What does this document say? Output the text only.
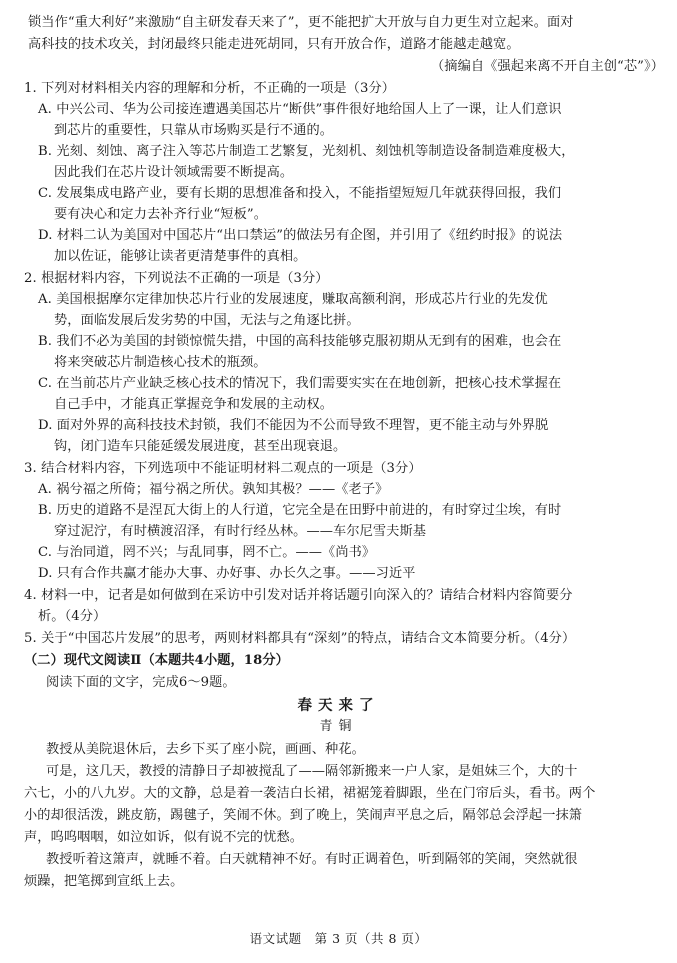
锁当作“重大利好”来激励“自主研发春天来了”，更不能把扩大开放与自力更生对立起来。面对
高科技的技术攻关，封闭最终只能走进死胡同，只有开放合作，道路才能越走越宽。
（摘编自《强起来离不开自主创“芯”》）
1. 下列对材料相关内容的理解和分析，不正确的一项是（3分）
A. 中兴公司、华为公司接连遭遇美国芯片“断供”事件很好地给国人上了一课，让人们意识
到芯片的重要性，只靠从市场购买是行不通的。
B. 光刻、刻蚀、离子注入等芯片制造工艺繁复，光刻机、刻蚀机等制造设备制造难度极大，
因此我们在芯片设计领域需要不断提高。
C. 发展集成电路产业，要有长期的思想准备和投入，不能指望短短几年就获得回报，我们
要有决心和定力去补齐行业“短板”。
D. 材料二认为美国对中国芯片“出口禁运”的做法另有企图，并引用了《纽约时报》的说法
加以佐证，能够让读者更清楚事件的真相。
2. 根据材料内容，下列说法不正确的一项是（3分）
A. 美国根据摩尔定律加快芯片行业的发展速度，赚取高额利润，形成芯片行业的先发优
势，面临发展后发劣势的中国，无法与之角逐比拼。
B. 我们不必为美国的封锁惊慌失措，中国的高科技能够克服初期从无到有的困难，也会在
将来突破芯片制造核心技术的瓶颈。
C. 在当前芯片产业缺乏核心技术的情况下，我们需要实实在在地创新，把核心技术掌握在
自己手中，才能真正掌握竞争和发展的主动权。
D. 面对外界的高科技技术封锁，我们不能因为不公而导致不理智，更不能主动与外界脱
钩，闭门造车只能延缓发展进度，甚至出现衰退。
3. 结合材料内容，下列选项中不能证明材料二观点的一项是（3分）
A. 祸兮福之所倚；福兮祸之所伏。孰知其极？——《老子》
B. 历史的道路不是涅瓦大街上的人行道，它完全是在田野中前进的，有时穿过尘埃，有时
穿过泥泞，有时横渡沼泽，有时行经丛林。——车尔尼雪夫斯基
C. 与治同道，罔不兴；与乱同事，罔不亡。——《尚书》
D. 只有合作共赢才能办大事、办好事、办长久之事。——习近平
4. 材料一中，记者是如何做到在采访中引发对话并将话题引向深入的？请结合材料内容简要分
析。（4分）
5. 关于“中国芯片发展”的思考，两则材料都具有“深刻”的特点，请结合文本简要分析。（4分）
（二）现代文阅读Ⅱ（本题共4小题，18分）
阅读下面的文字，完成6～9题。
春天来了
青铜
教授从美院退休后，去乡下买了座小院，画画、种花。
可是，这几天，教授的清静日子却被搅乱了——隔邻新搬来一户人家，是姐妹三个，大的十
六七，小的八九岁。大的文静，总是着一袭洁白长裙，裙裾笼着脚跟，坐在门帘后头，看书。两个
小的却很活泼，跳皮筋，踢毽子，笑闹不休。到了晚上，笑闹声平息之后，隔邻总会浮起一抹箫
声，呜呜咽咽，如泣如诉，似有说不完的忧愁。
教授听着这箫声，就睡不着。白天就精神不好。有时正调着色，听到隔邻的笑闹，突然就很
烦躁，把笔掷到宣纸上去。
语文试题　第 3 页（共 8 页）
